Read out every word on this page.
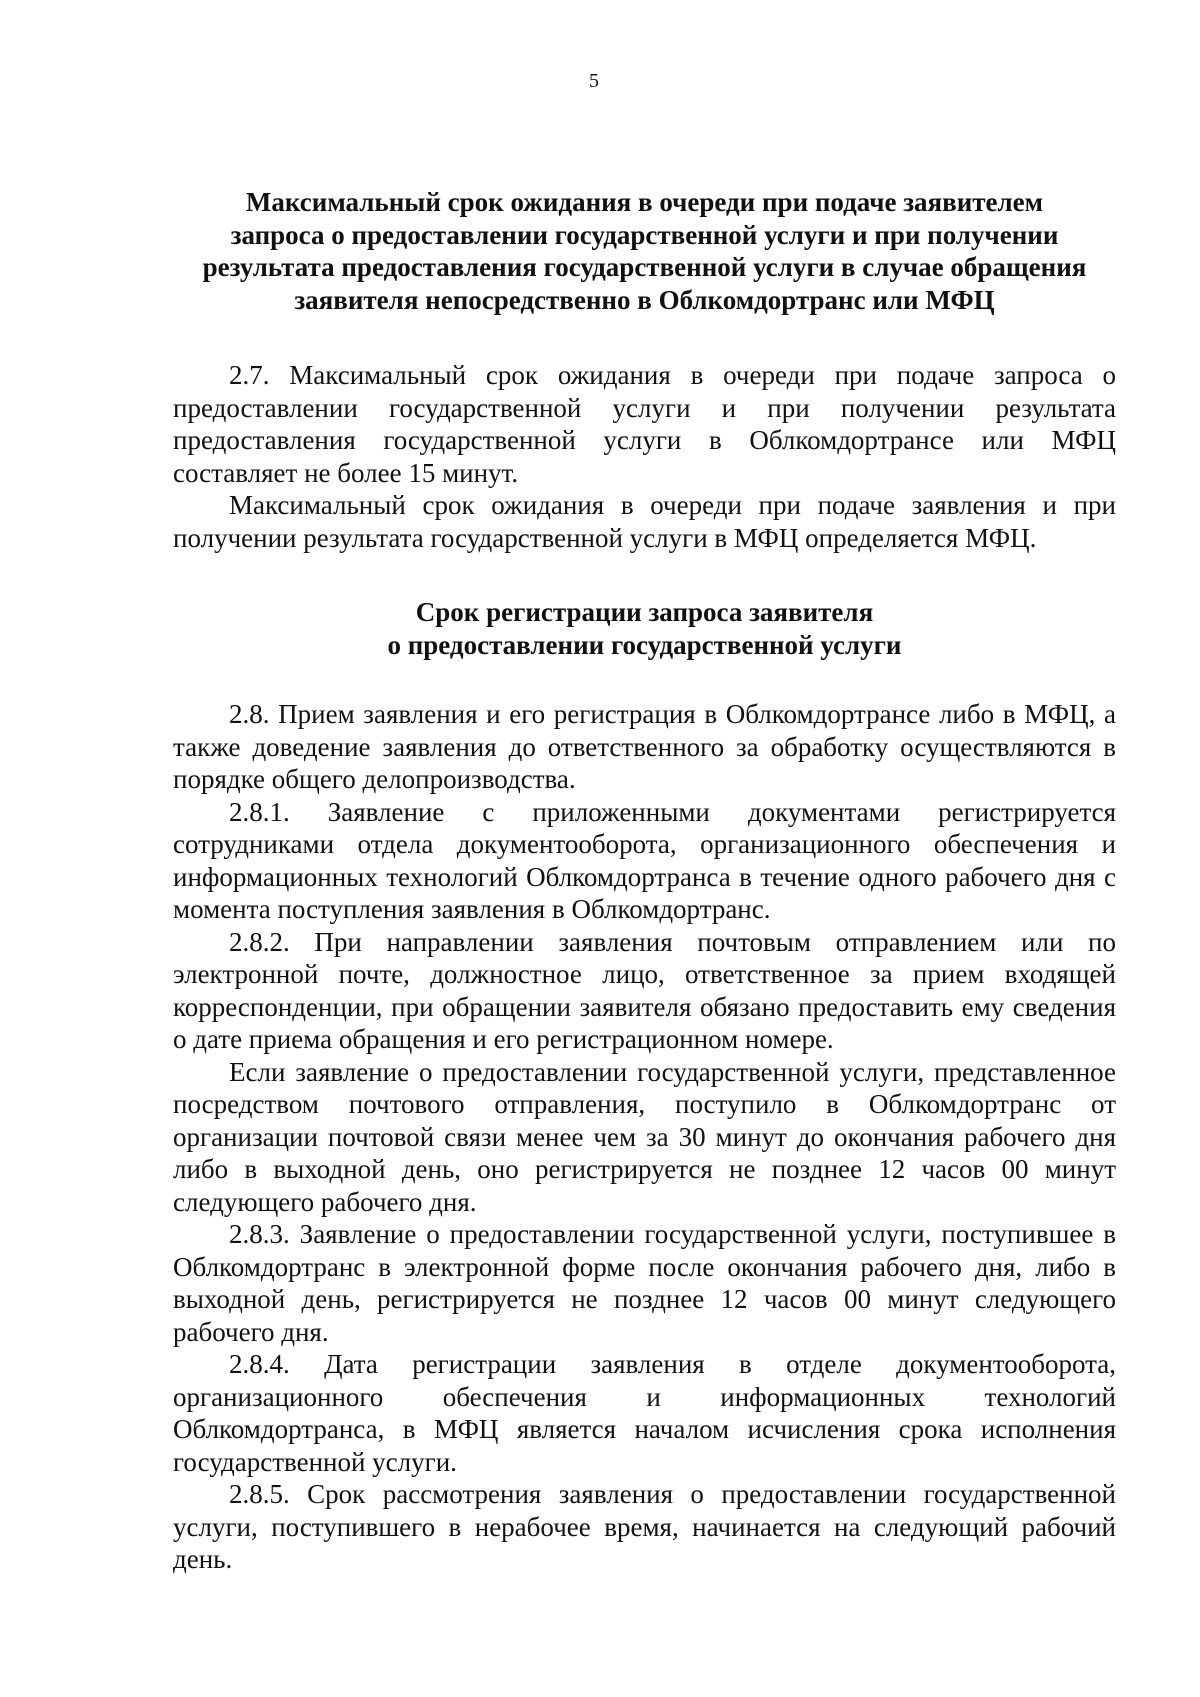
5
Максимальный срок ожидания в очереди при подаче заявителем
запроса о предоставлении государственной услуги и при получении
результата предоставления государственной услуги в случае обращения
заявителя непосредственно в Облкомдортранс или МФЦ

2.7. Максимальный срок ожидания в очереди при подаче запроса о предоставлении государственной услуги и при получении результата предоставления государственной услуги в Облкомдортрансе или МФЦ составляет не более 15 минут.

Максимальный срок ожидания в очереди при подаче заявления и при получении результата государственной услуги в МФЦ определяется МФЦ.

Срок регистрации запроса заявителя
о предоставлении государственной услуги

2.8. Прием заявления и его регистрация в Облкомдортрансе либо в МФЦ, а также доведение заявления до ответственного за обработку осуществляются в порядке общего делопроизводства.

2.8.1. Заявление с приложенными документами регистрируется сотрудниками отдела документооборота, организационного обеспечения и информационных технологий Облкомдортранса в течение одного рабочего дня с момента поступления заявления в Облкомдортранс.

2.8.2. При направлении заявления почтовым отправлением или по электронной почте, должностное лицо, ответственное за прием входящей корреспонденции, при обращении заявителя обязано предоставить ему сведения о дате приема обращения и его регистрационном номере.

Если заявление о предоставлении государственной услуги, представленное посредством почтового отправления, поступило в Облкомдортранс от организации почтовой связи менее чем за 30 минут до окончания рабочего дня либо в выходной день, оно регистрируется не позднее 12 часов 00 минут следующего рабочего дня.

2.8.3. Заявление о предоставлении государственной услуги, поступившее в Облкомдортранс в электронной форме после окончания рабочего дня, либо в выходной день, регистрируется не позднее 12 часов 00 минут следующего рабочего дня.

2.8.4. Дата регистрации заявления в отделе документооборота, организационного обеспечения и информационных технологий Облкомдортранса, в МФЦ является началом исчисления срока исполнения государственной услуги.

2.8.5. Срок рассмотрения заявления о предоставлении государственной услуги, поступившего в нерабочее время, начинается на следующий рабочий день.
